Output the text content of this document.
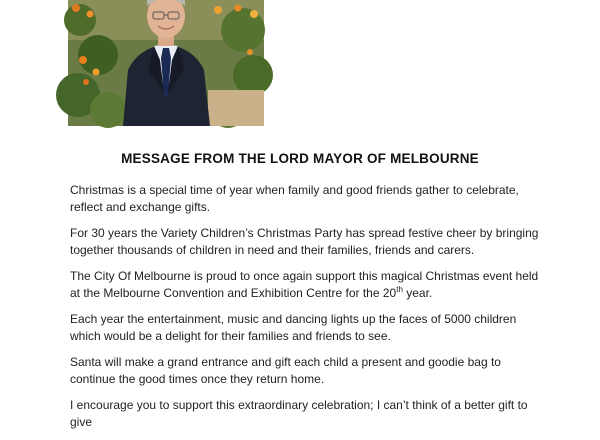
MESSAGE FROM THE LORD MAYOR OF MELBOURNE

Christmas is a special time of year when family and good friends gather to celebrate, reflect and exchange gifts.

For 30 years the Variety Children’s Christmas Party has spread festive cheer by bringing together thousands of children in need and their families, friends and carers.

The City Of Melbourne is proud to once again support this magical Christmas event held at the Melbourne Convention and Exhibition Centre for the 20th year.

Each year the entertainment, music and dancing lights up the faces of 5000 children which would be a delight for their families and friends to see.

Santa will make a grand entrance and gift each child a present and goodie bag to continue the good times once they return home.

I encourage you to support this extraordinary celebration; I can’t think of a better gift to give
